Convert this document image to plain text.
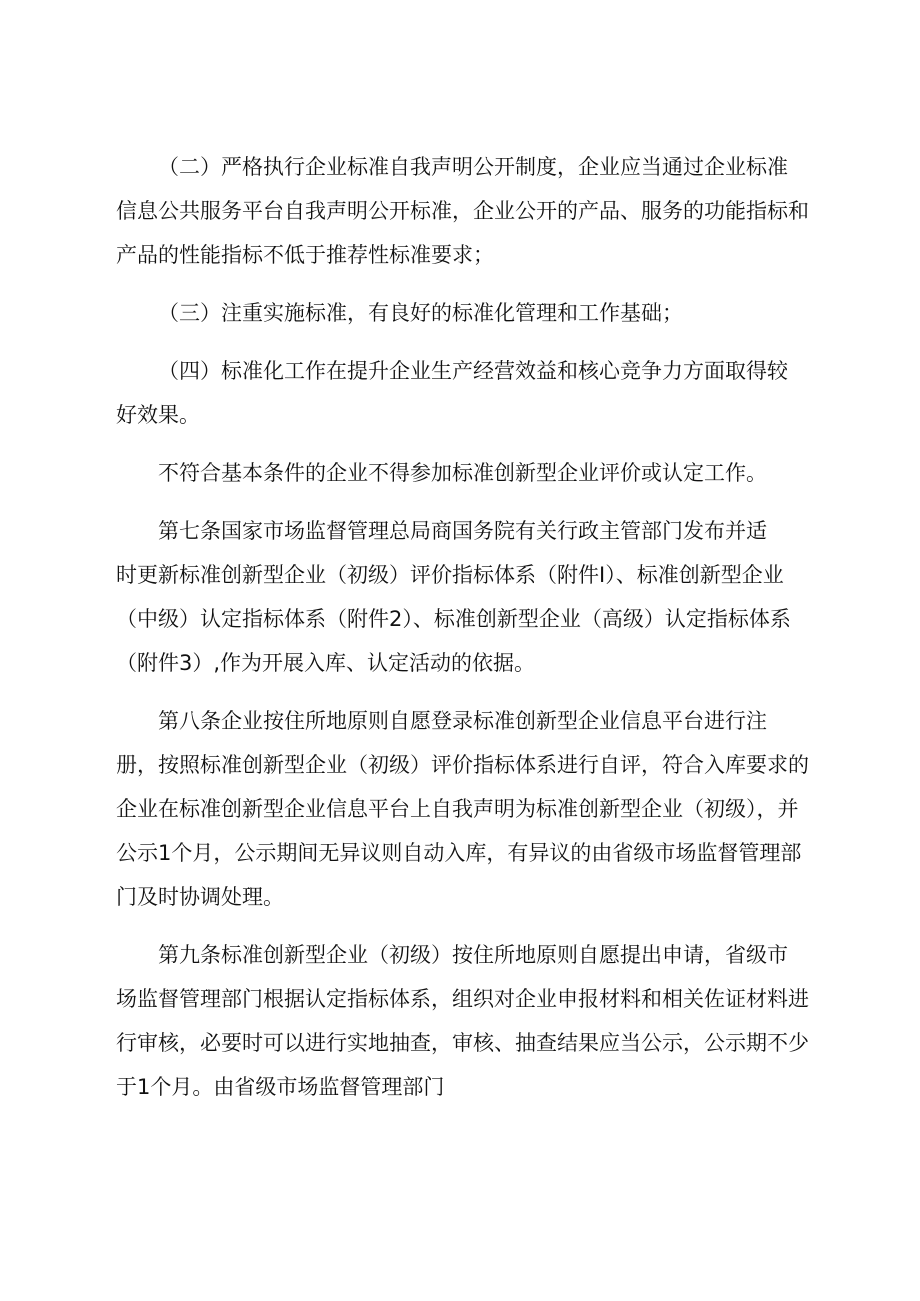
（二）严格执行企业标准自我声明公开制度，企业应当通过企业标准
信息公共服务平台自我声明公开标准，企业公开的产品、服务的功能指标和
产品的性能指标不低于推荐性标准要求；
（三）注重实施标准，有良好的标准化管理和工作基础；
（四）标准化工作在提升企业生产经营效益和核心竞争力方面取得较
好效果。
不符合基本条件的企业不得参加标准创新型企业评价或认定工作。
第七条国家市场监督管理总局商国务院有关行政主管部门发布并适
时更新标准创新型企业（初级）评价指标体系（附件I）、标准创新型企业
（中级）认定指标体系（附件2）、标准创新型企业（高级）认定指标体系
（附件3）,作为开展入库、认定活动的依据。
第八条企业按住所地原则自愿登录标准创新型企业信息平台进行注
册，按照标准创新型企业（初级）评价指标体系进行自评，符合入库要求的
企业在标准创新型企业信息平台上自我声明为标准创新型企业（初级），并
公示1个月，公示期间无异议则自动入库，有异议的由省级市场监督管理部
门及时协调处理。
第九条标准创新型企业（初级）按住所地原则自愿提出申请，省级市
场监督管理部门根据认定指标体系，组织对企业申报材料和相关佐证材料进
行审核，必要时可以进行实地抽查，审核、抽查结果应当公示，公示期不少
于1个月。由省级市场监督管理部门
